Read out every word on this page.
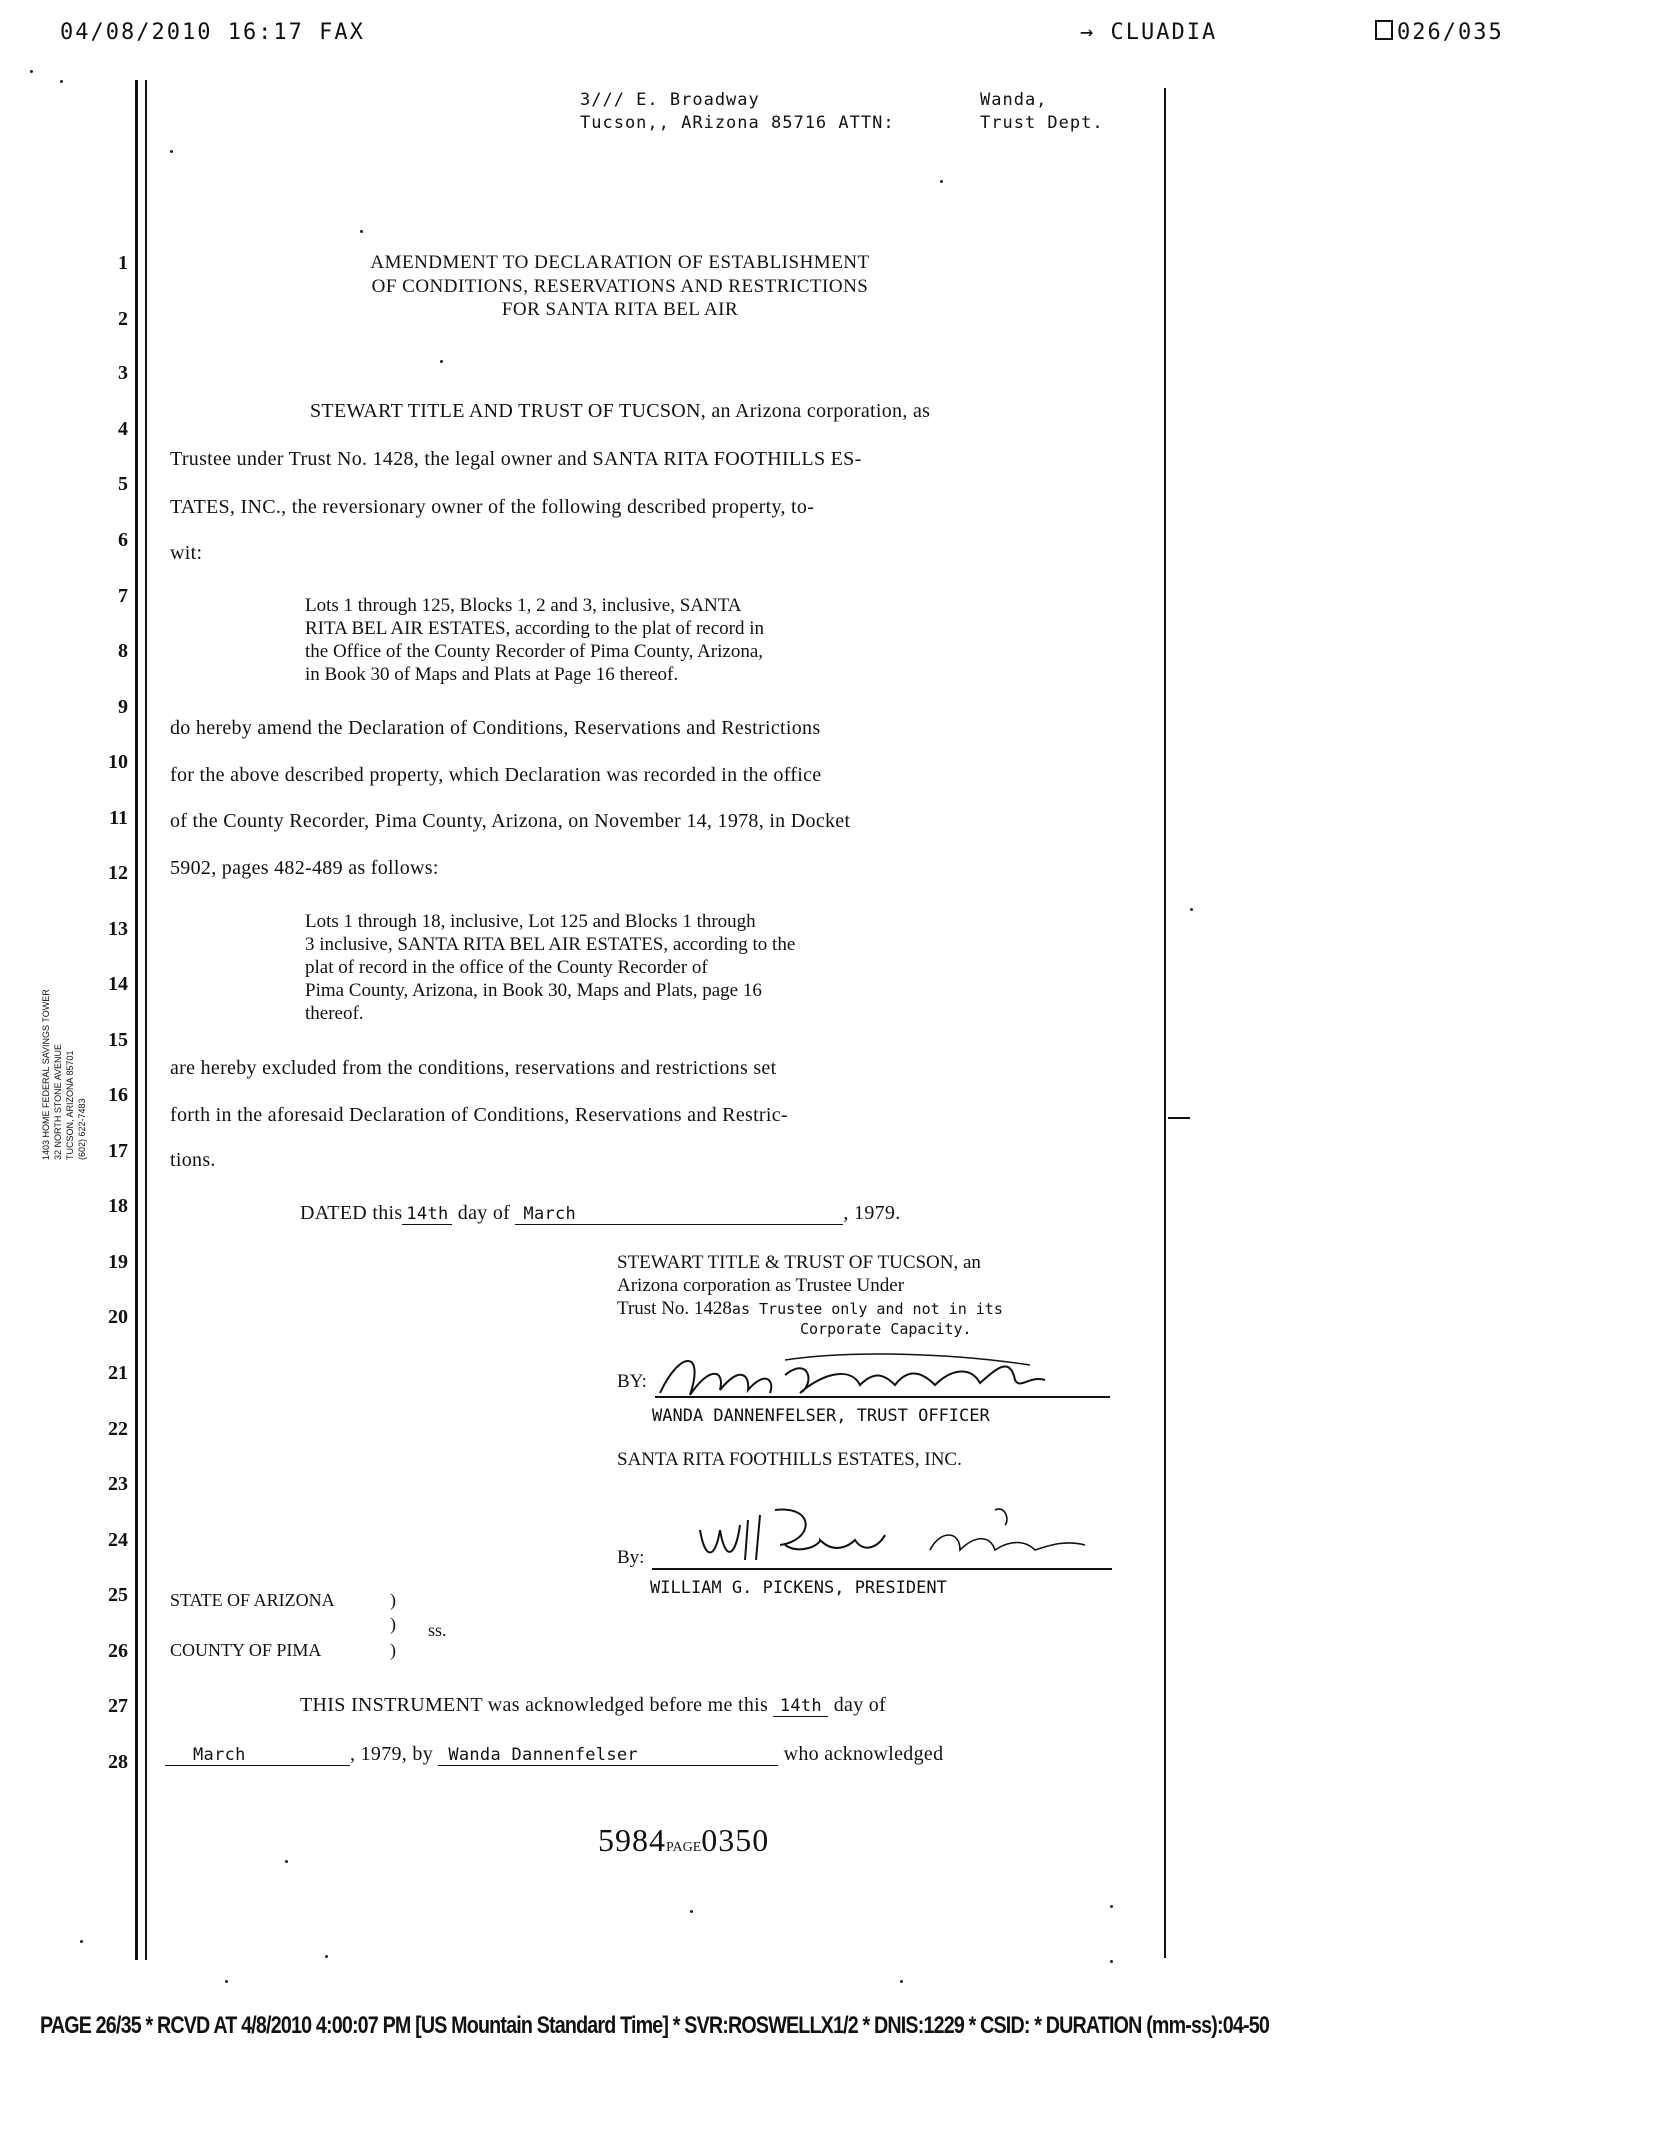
04/08/2010 16:17 FAX	→ CLUADIA	026/035
3/// E. Broadway
Tucson,, ARizona 85716 ATTN:
Wanda,
Trust Dept.
1
2
3
4
5
6
7
8
9
10
11
12
13
14
15
16
17
18
19
20
21
22
23
24
25
26
27
28
AMENDMENT TO DECLARATION OF ESTABLISHMENT
OF CONDITIONS, RESERVATIONS AND RESTRICTIONS
FOR SANTA RITA BEL AIR
STEWART TITLE AND TRUST OF TUCSON, an Arizona corporation, as
Trustee under Trust No. 1428, the legal owner and SANTA RITA FOOTHILLS ES-
TATES, INC., the reversionary owner of the following described property, to-
wit:
Lots 1 through 125, Blocks 1, 2 and 3, inclusive, SANTA
RITA BEL AIR ESTATES, according to the plat of record in
the Office of the County Recorder of Pima County, Arizona,
in Book 30 of Maps and Plats at Page 16 thereof.
do hereby amend the Declaration of Conditions, Reservations and Restrictions
for the above described property, which Declaration was recorded in the office
of the County Recorder, Pima County, Arizona, on November 14, 1978, in Docket
5902, pages 482-489 as follows:
Lots 1 through 18, inclusive, Lot 125 and Blocks 1 through
3 inclusive, SANTA RITA BEL AIR ESTATES, according to the
plat of record in the office of the County Recorder of
Pima County, Arizona, in Book 30, Maps and Plats, page 16
thereof.
are hereby excluded from the conditions, reservations and restrictions set
forth in the aforesaid Declaration of Conditions, Reservations and Restric-
tions.
DATED this 14th day of March	, 1979.
STEWART TITLE & TRUST OF TUCSON, an
Arizona corporation as Trustee Under
Trust No. 1428as Trustee only and not in its
Corporate Capacity.
BY:
WANDA DANNENFELSER, TRUST OFFICER
SANTA RITA FOOTHILLS ESTATES, INC.
By:
WILLIAM G. PICKENS, PRESIDENT
STATE OF ARIZONA	)
) ss.
COUNTY OF PIMA	)
THIS INSTRUMENT was acknowledged before me this 14th day of
March	, 1979, by Wanda Dannenfelser	who acknowledged
1403 HOME FEDERAL SAVINGS TOWER 32 NORTH STONE AVENUE TUCSON, ARIZONA 85701 (602) 622-7483
5984PAGE0350
PAGE 26/35 * RCVD AT 4/8/2010 4:00:07 PM [US Mountain Standard Time] * SVR:ROSWELLX1/2 * DNIS:1229 * CSID: * DURATION (mm-ss):04-50
